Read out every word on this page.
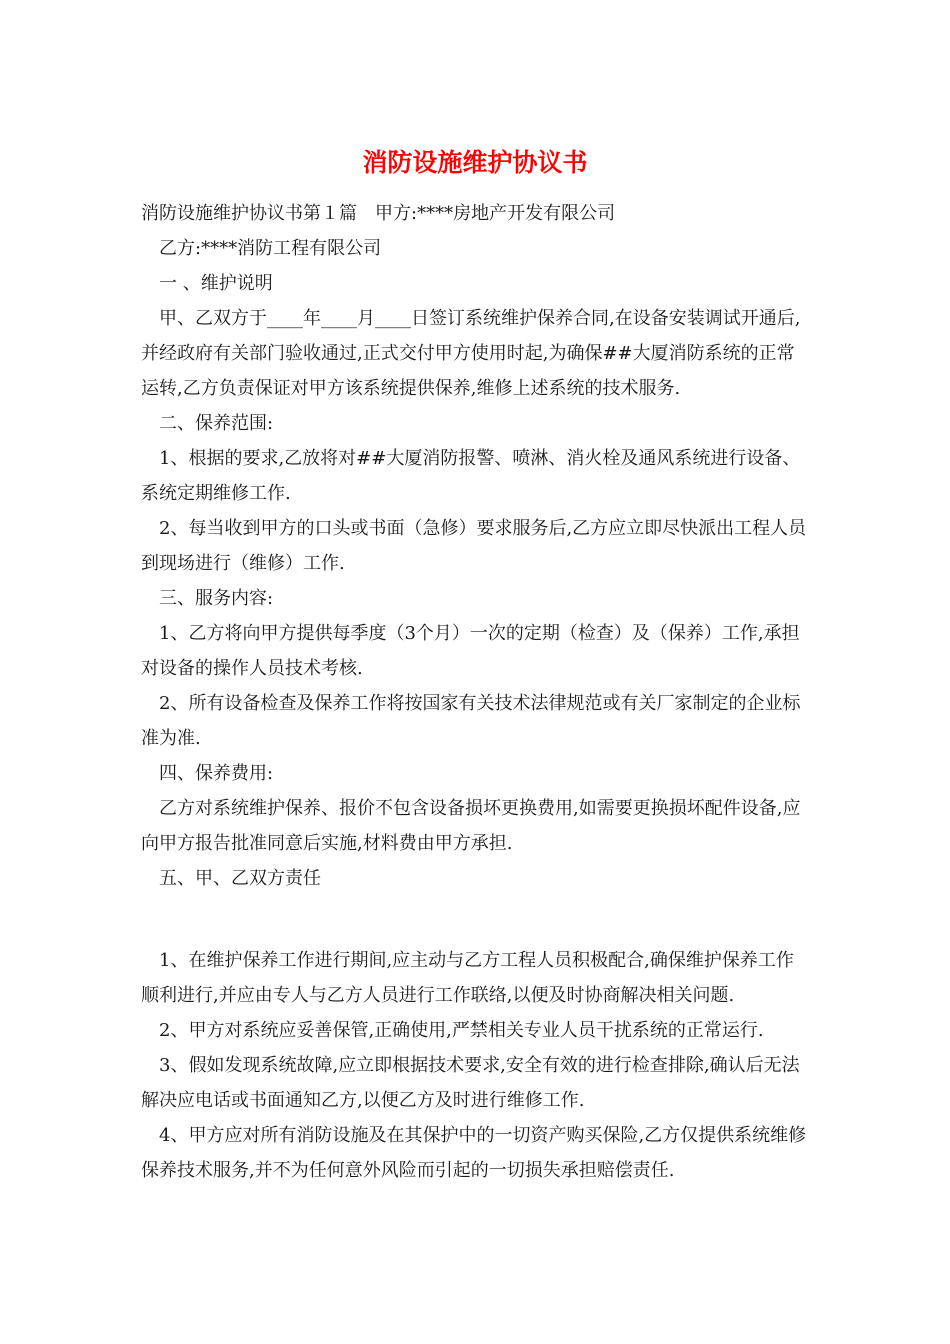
消防设施维护协议书

消防设施维护协议书第１篇 甲方:****房地产开发有限公司

乙方:****消防工程有限公司

一 、维护说明

甲、乙双方于____年____月____日签订系统维护保养合同,在设备安装调试开通后,并经政府有关部门验收通过,正式交付甲方使用时起,为确保##大厦消防系统的正常运转,乙方负责保证对甲方该系统提供保养,维修上述系统的技术服务.

二、保养范围:

1、根据的要求,乙放将对##大厦消防报警、喷淋、消火栓及通风系统进行设备、系统定期维修工作.

2、每当收到甲方的口头或书面（急修）要求服务后,乙方应立即尽快派出工程人员到现场进行（维修）工作.

三、服务内容:

1、乙方将向甲方提供每季度（3个月）一次的定期（检查）及（保养）工作,承担对设备的操作人员技术考核.

2、所有设备检查及保养工作将按国家有关技术法律规范或有关厂家制定的企业标准为准.

四、保养费用:

乙方对系统维护保养、报价不包含设备损坏更换费用,如需要更换损坏配件设备,应向甲方报告批准同意后实施,材料费由甲方承担.

五、甲、乙双方责任

1、在维护保养工作进行期间,应主动与乙方工程人员积极配合,确保维护保养工作顺利进行,并应由专人与乙方人员进行工作联络,以便及时协商解决相关问题.

2、甲方对系统应妥善保管,正确使用,严禁相关专业人员干扰系统的正常运行.

3、假如发现系统故障,应立即根据技术要求,安全有效的进行检查排除,确认后无法解决应电话或书面通知乙方,以便乙方及时进行维修工作.

4、甲方应对所有消防设施及在其保护中的一切资产购买保险,乙方仅提供系统维修保养技术服务,并不为任何意外风险而引起的一切损失承担赔偿责任.
